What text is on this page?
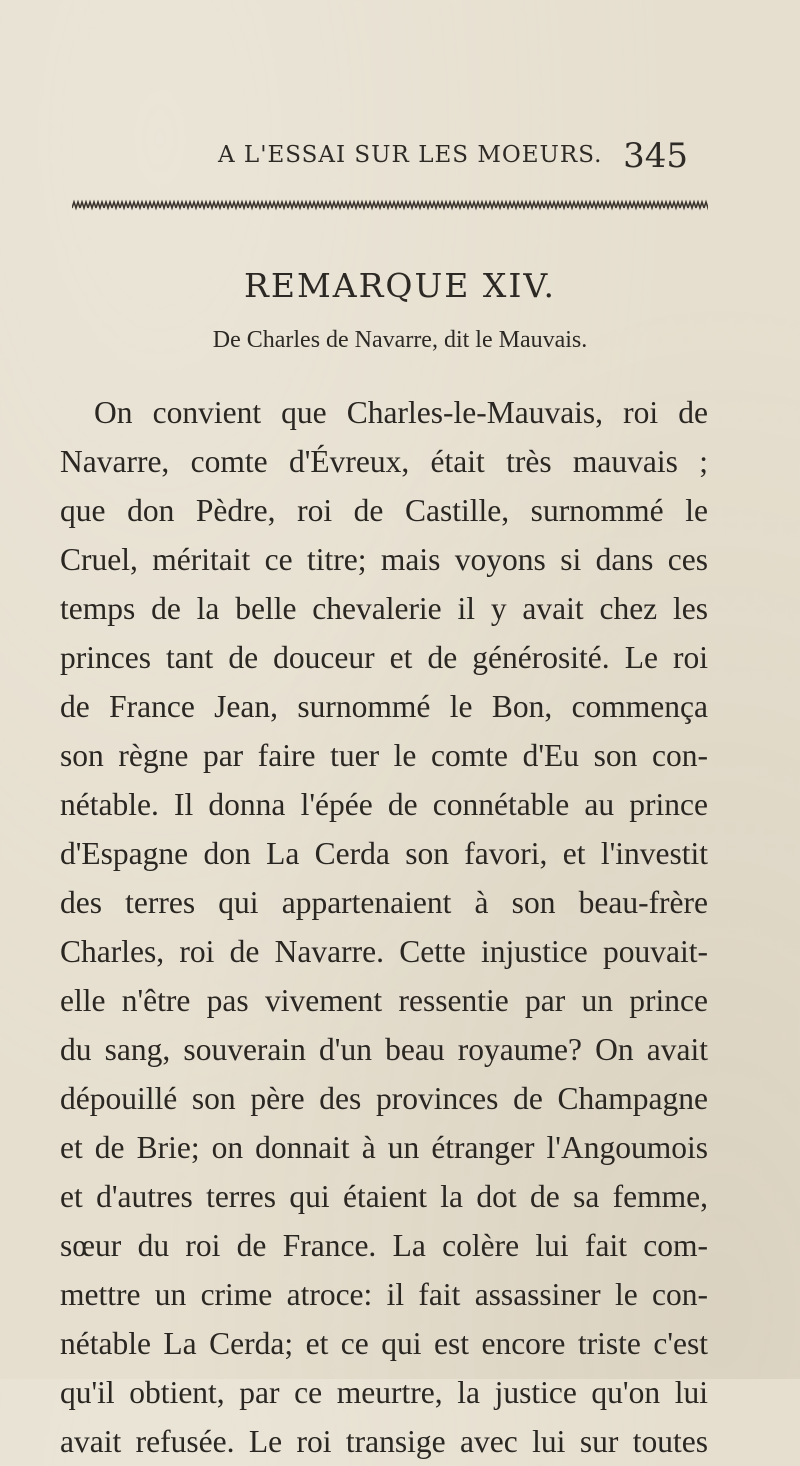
A L'ESSAI SUR LES MOEURS. 345
REMARQUE XIV.
De Charles de Navarre, dit le Mauvais.
On convient que Charles-le-Mauvais, roi de
Navarre, comte d'Évreux, était très mauvais ;
que don Pèdre, roi de Castille, surnommé le
Cruel, méritait ce titre; mais voyons si dans ces
temps de la belle chevalerie il y avait chez les
princes tant de douceur et de générosité. Le roi
de France Jean, surnommé le Bon, commença
son règne par faire tuer le comte d'Eu son con-
nétable. Il donna l'épée de connétable au prince
d'Espagne don La Cerda son favori, et l'investit
des terres qui appartenaient à son beau-frère
Charles, roi de Navarre. Cette injustice pouvait-
elle n'être pas vivement ressentie par un prince
du sang, souverain d'un beau royaume? On avait
dépouillé son père des provinces de Champagne
et de Brie; on donnait à un étranger l'Angoumois
et d'autres terres qui étaient la dot de sa femme,
sœur du roi de France. La colère lui fait com-
mettre un crime atroce: il fait assassiner le con-
nétable La Cerda; et ce qui est encore triste c'est
qu'il obtient, par ce meurtre, la justice qu'on lui
avait refusée. Le roi transige avec lui sur toutes
